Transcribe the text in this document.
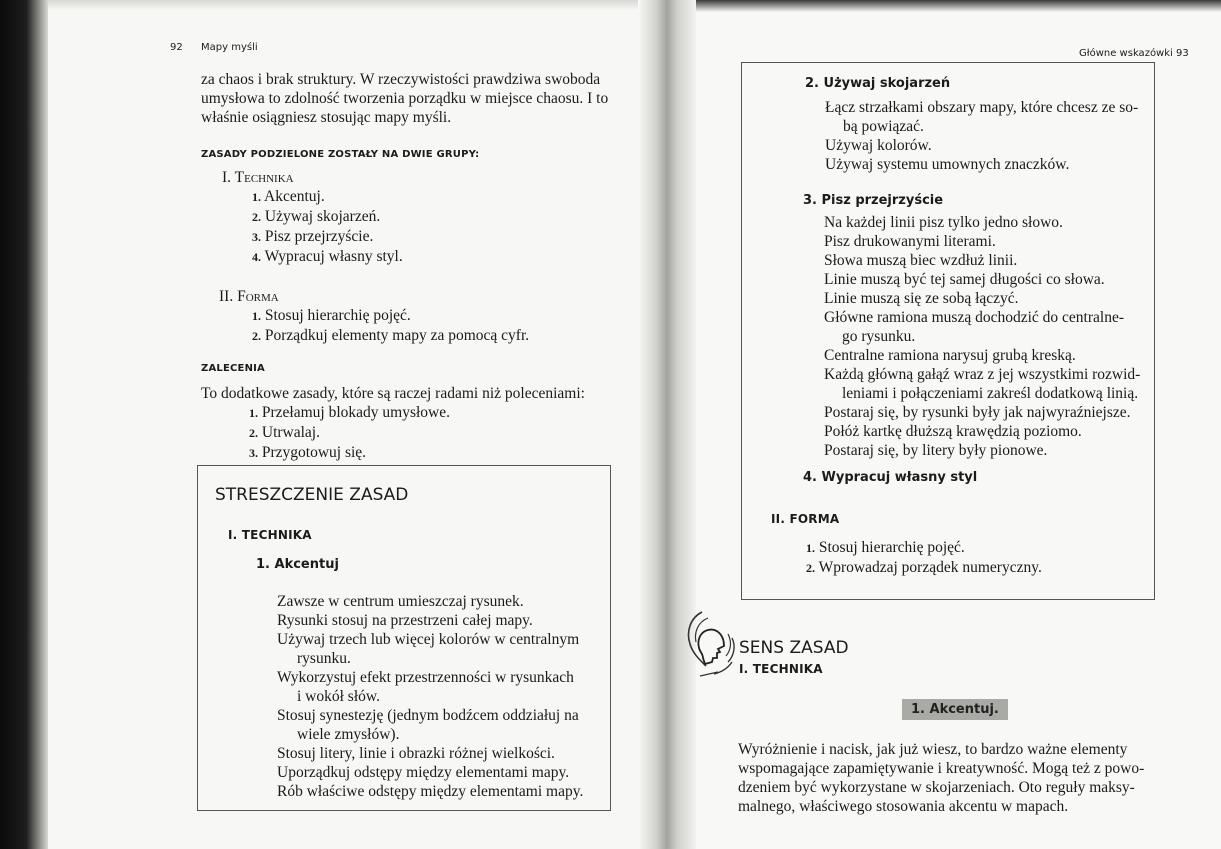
92 Mapy myśli

za chaos i brak struktury. W rzeczywistości prawdziwa swoboda

umysłowa to zdolność tworzenia porządku w miejsce chaosu. I to

właśnie osiągniesz stosując mapy myśli.

ZASADY PODZIELONE ZOSTAŁY NA DWIE GRUPY:
I. Technika

1. Akcentuj.

2. Używaj skojarzeń.

3. Pisz przejrzyście.

4. Wypracuj własny styl.

II. Forma

1. Stosuj hierarchię pojęć.

2. Porządkuj elementy mapy za pomocą cyfr.

ZALECENIA
To dodatkowe zasady, które są raczej radami niż poleceniami:

1. Przełamuj blokady umysłowe.

2. Utrwalaj.

3. Przygotowuj się.

STRESZCZENIE ZASAD
I. TECHNIKA
1. Akcentuj

Zawsze w centrum umieszczaj rysunek.

Rysunki stosuj na przestrzeni całej mapy.

Używaj trzech lub więcej kolorów w centralnym

rysunku.

Wykorzystuj efekt przestrzenności w rysunkach

i wokół słów.

Stosuj synestezję (jednym bodźcem oddziałuj na

wiele zmysłów).

Stosuj litery, linie i obrazki różnej wielkości.

Uporządkuj odstępy między elementami mapy.

Rób właściwe odstępy między elementami mapy.

Główne wskazówki 93
2. Używaj skojarzeń

Łącz strzałkami obszary mapy, które chcesz ze so-

bą powiązać.

Używaj kolorów.

Używaj systemu umownych znaczków.

3. Pisz przejrzyście

Na każdej linii pisz tylko jedno słowo.

Pisz drukowanymi literami.

Słowa muszą biec wzdłuż linii.

Linie muszą być tej samej długości co słowa.

Linie muszą się ze sobą łączyć.

Główne ramiona muszą dochodzić do centralne-

go rysunku.

Centralne ramiona narysuj grubą kreską.

Każdą główną gałąź wraz z jej wszystkimi rozwid-

leniami i połączeniami zakreśl dodatkową linią.

Postaraj się, by rysunki były jak najwyraźniejsze.

Połóż kartkę dłuższą krawędzią poziomo.

Postaraj się, by litery były pionowe.

4. Wypracuj własny styl
II. FORMA

1. Stosuj hierarchię pojęć.

2. Wprowadzaj porządek numeryczny.

SENS ZASAD
I. TECHNIKA
1. Akcentuj.

Wyróżnienie i nacisk, jak już wiesz, to bardzo ważne elementy

wspomagające zapamiętywanie i kreatywność. Mogą też z powo-

dzeniem być wykorzystane w skojarzeniach. Oto reguły maksy-

malnego, właściwego stosowania akcentu w mapach.
